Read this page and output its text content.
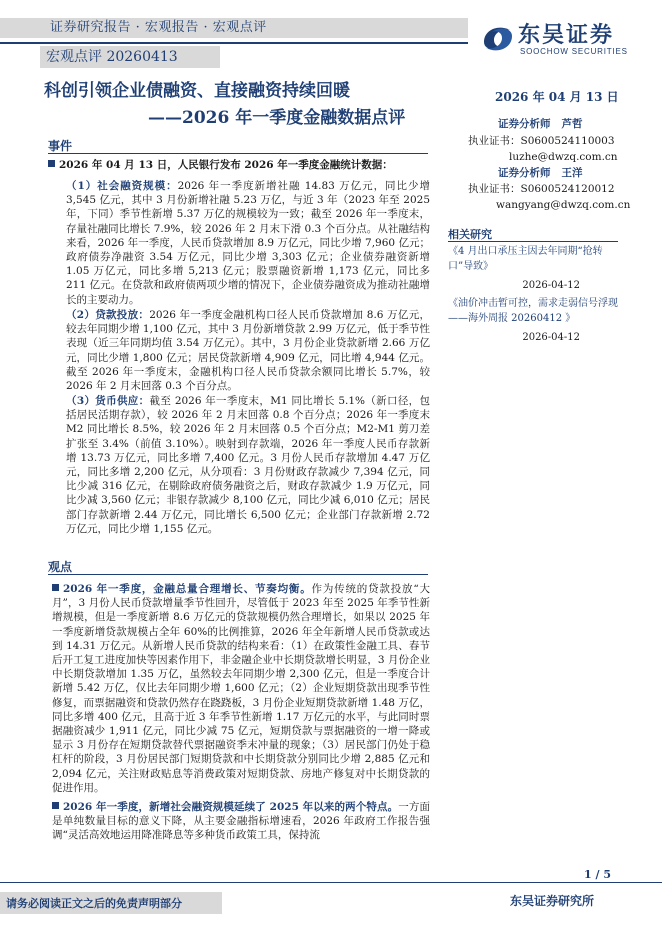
证券研究报告 · 宏观报告 · 宏观点评
宏观点评 20260413
东吴证券
SOOCHOW SECURITIES
科创引领企业债融资、直接融资持续回暖
——2026 年一季度金融数据点评
2026 年 04 月 13 日
证券分析师 芦哲
执业证书：S0600524110003
luzhe@dwzq.com.cn
证券分析师 王洋
执业证书：S0600524120012
wangyang@dwzq.com.cn
相关研究
《4 月出口承压主因去年同期“抢转口”导致》
2026-04-12
《油价冲击暂可控，需求走弱信号浮现——海外周报 20260412 》
2026-04-12
事件
2026 年 04 月 13 日，人民银行发布 2026 年一季度金融统计数据：
（1）社会融资规模：2026 年一季度新增社融 14.83 万亿元，同比少增 3,545 亿元，其中 3 月份新增社融 5.23 万亿，与近 3 年（2023 年至 2025 年，下同）季节性新增 5.37 万亿的规模较为一致；截至 2026 年一季度末，存量社融同比增长 7.9%，较 2026 年 2 月末下滑 0.3 个百分点。从社融结构来看，2026 年一季度，人民币贷款增加 8.9 万亿元，同比少增 7,960 亿元；政府债券净融资 3.54 万亿元，同比少增 3,303 亿元；企业债券融资新增 1.05 万亿元，同比多增 5,213 亿元；股票融资新增 1,173 亿元，同比多 211 亿元。在贷款和政府债两项少增的情况下，企业债券融资成为推动社融增长的主要动力。
（2）贷款投放：2026 年一季度金融机构口径人民币贷款增加 8.6 万亿元，较去年同期少增 1,100 亿元，其中 3 月份新增贷款 2.99 万亿元，低于季节性表现（近三年同期均值 3.54 万亿元）。其中，3 月份企业贷款新增 2.66 万亿元，同比少增 1,800 亿元；居民贷款新增 4,909 亿元，同比增 4,944 亿元。截至 2026 年一季度末，金融机构口径人民币贷款余额同比增长 5.7%，较 2026 年 2 月末回落 0.3 个百分点。
（3）货币供应：截至 2026 年一季度末，M1 同比增长 5.1%（新口径，包括居民活期存款），较 2026 年 2 月末回落 0.8 个百分点；2026 年一季度末 M2 同比增长 8.5%，较 2026 年 2 月末回落 0.5 个百分点；M2-M1 剪刀差扩张至 3.4%（前值 3.10%）。映射到存款端，2026 年一季度人民币存款新增 13.73 万亿元，同比多增 7,400 亿元。3 月份人民币存款增加 4.47 万亿元，同比多增 2,200 亿元，从分项看：3 月份财政存款减少 7,394 亿元，同比少减 316 亿元，在剔除政府债务融资之后，财政存款减少 1.9 万亿元，同比少减 3,560 亿元；非银存款减少 8,100 亿元，同比少减 6,010 亿元；居民部门存款新增 2.44 万亿元，同比增长 6,500 亿元；企业部门存款新增 2.72 万亿元，同比少增 1,155 亿元。
观点
2026 年一季度，金融总量合理增长、节奏均衡。作为传统的贷款投放“大月”，3 月份人民币贷款增量季节性回升，尽管低于 2023 年至 2025 年季节性新增规模，但是一季度新增 8.6 万亿元的贷款规模仍然合理增长，如果以 2025 年一季度新增贷款规模占全年 60%的比例推算，2026 年全年新增人民币贷款或达到 14.31 万亿元。从新增人民币贷款的结构来看：（1）在政策性金融工具、春节后开工复工进度加快等因素作用下，非金融企业中长期贷款增长明显，3 月份企业中长期贷款增加 1.35 万亿，虽然较去年同期少增 2,300 亿元，但是一季度合计新增 5.42 万亿，仅比去年同期少增 1,600 亿元；（2）企业短期贷款出现季节性修复，而票据融资和贷款仍然存在跷跷板，3 月份企业短期贷款新增 1.48 万亿，同比多增 400 亿元，且高于近 3 年季节性新增 1.17 万亿元的水平，与此同时票据融资减少 1,911 亿元，同比少减 75 亿元，短期贷款与票据融资的一增一降或显示 3 月份存在短期贷款替代票据融资季末冲量的现象；（3）居民部门仍处于稳杠杆的阶段，3 月份居民部门短期贷款和中长期贷款分别同比少增 2,885 亿元和 2,094 亿元，关注财政贴息等消费政策对短期贷款、房地产修复对中长期贷款的促进作用。
2026 年一季度，新增社会融资规模延续了 2025 年以来的两个特点。一方面是单纯数量目标的意义下降，从主要金融指标增速看，2026 年政府工作报告强调“灵活高效地运用降准降息等多种货币政策工具，保持流
1 / 5
请务必阅读正文之后的免责声明部分	东吴证券研究所
